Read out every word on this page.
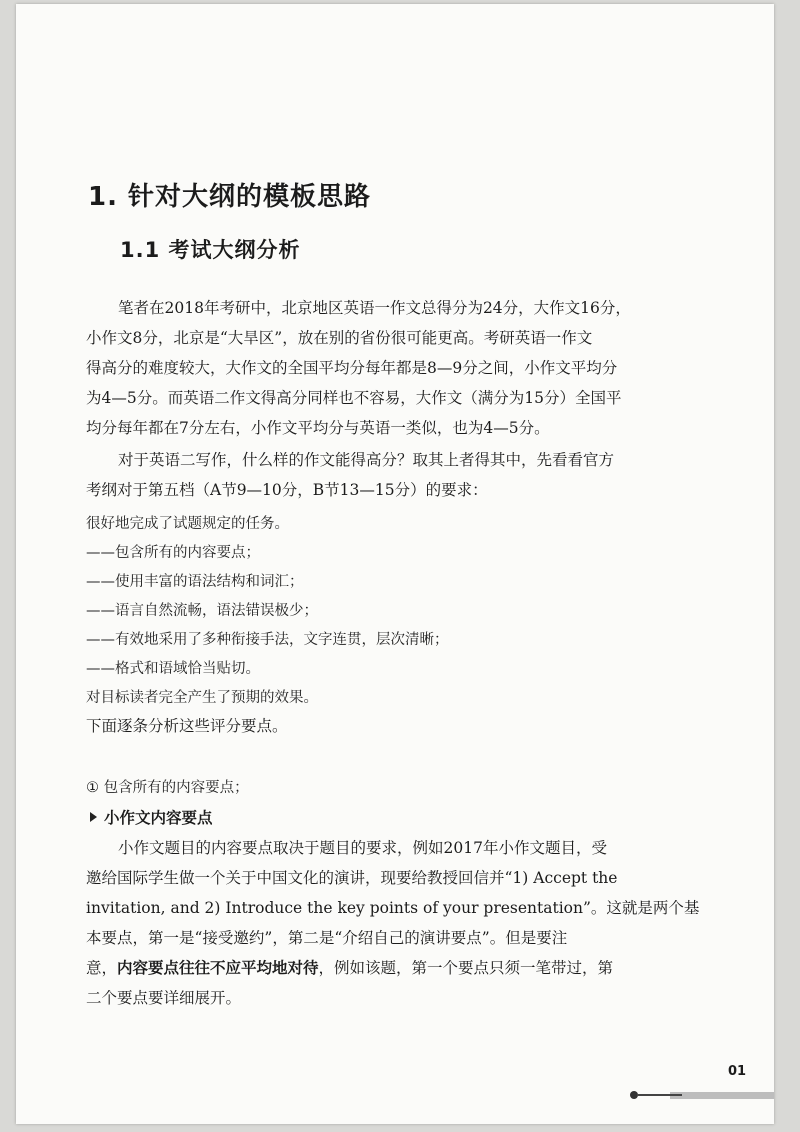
1. 针对大纲的模板思路
1.1 考试大纲分析
笔者在2018年考研中，北京地区英语一作文总得分为24分，大作文16分，
小作文8分，北京是“大旱区”，放在别的省份很可能更高。考研英语一作文
得高分的难度较大，大作文的全国平均分每年都是8—9分之间，小作文平均分
为4—5分。而英语二作文得高分同样也不容易，大作文（满分为15分）全国平
均分每年都在7分左右，小作文平均分与英语一类似，也为4—5分。
对于英语二写作，什么样的作文能得高分？取其上者得其中，先看看官方
考纲对于第五档（A节9—10分，B节13—15分）的要求：
很好地完成了试题规定的任务。
——包含所有的内容要点；
——使用丰富的语法结构和词汇；
——语言自然流畅，语法错误极少；
——有效地采用了多种衔接手法，文字连贯，层次清晰；
——格式和语域恰当贴切。
对目标读者完全产生了预期的效果。
下面逐条分析这些评分要点。
① 包含所有的内容要点；
小作文内容要点
小作文题目的内容要点取决于题目的要求，例如2017年小作文题目，受
邀给国际学生做一个关于中国文化的演讲，现要给教授回信并“1) Accept the
invitation, and 2) Introduce the key points of your presentation”。这就是两个基
本要点，第一是“接受邀约”，第二是“介绍自己的演讲要点”。但是要注
意，内容要点往往不应平均地对待，例如该题，第一个要点只须一笔带过，第
二个要点要详细展开。
01
